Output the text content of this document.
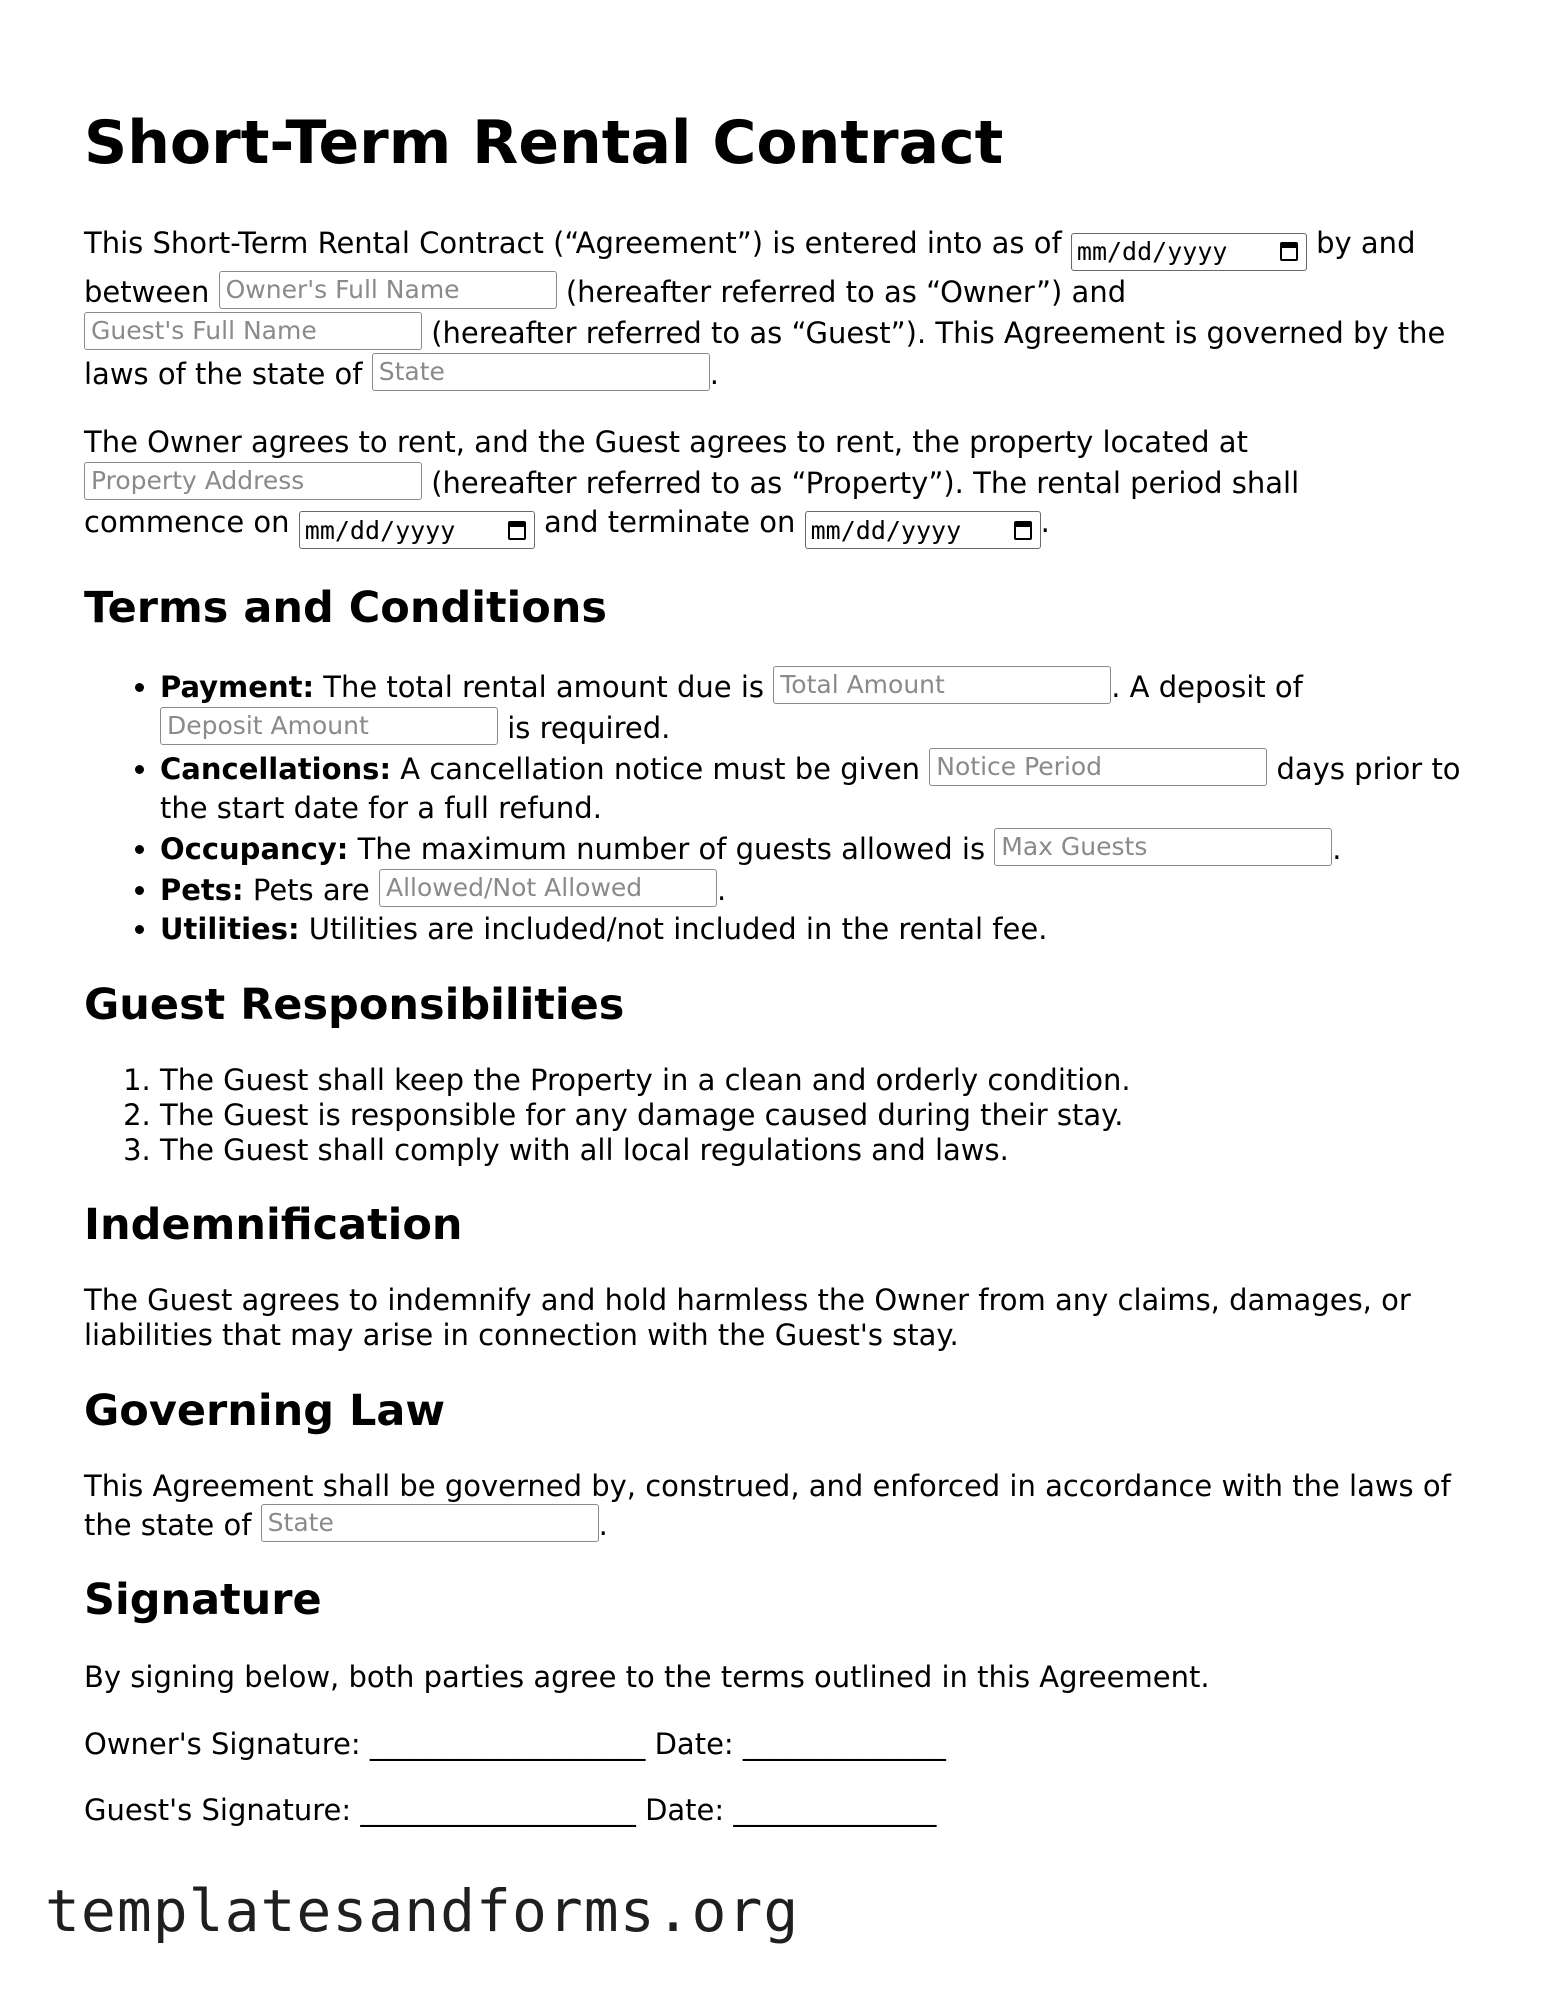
Short-Term Rental Contract

This Short-Term Rental Contract (“Agreement”) is entered into as of mm/dd/yyyy	by and between Owner's Full Name	(hereafter referred to as “Owner”) and Guest's Full Name	(hereafter referred to as “Guest”). This Agreement is governed by the laws of the state of State	.

The Owner agrees to rent, and the Guest agrees to rent, the property located at Property Address	(hereafter referred to as “Property”). The rental period shall commence on mm/dd/yyyy	and terminate on mm/dd/yyyy	.

Terms and Conditions
• Payment: The total rental amount due is Total Amount	. A deposit of Deposit Amount	is required.
• Cancellations: A cancellation notice must be given Notice Period	days prior to the start date for a full refund.
• Occupancy: The maximum number of guests allowed is Max Guests	.
• Pets: Pets are Allowed/Not Allowed	.
• Utilities: Utilities are included/not included in the rental fee.
Guest Responsibilities
1. The Guest shall keep the Property in a clean and orderly condition.
2. The Guest is responsible for any damage caused during their stay.
3. The Guest shall comply with all local regulations and laws.
Indemnification

The Guest agrees to indemnify and hold harmless the Owner from any claims, damages, or liabilities that may arise in connection with the Guest's stay.

Governing Law

This Agreement shall be governed by, construed, and enforced in accordance with the laws of the state of State	.

Signature

By signing below, both parties agree to the terms outlined in this Agreement.

Owner's Signature: ___________________ Date: ______________

Guest's Signature: ___________________ Date: ______________

templatesandforms.org
